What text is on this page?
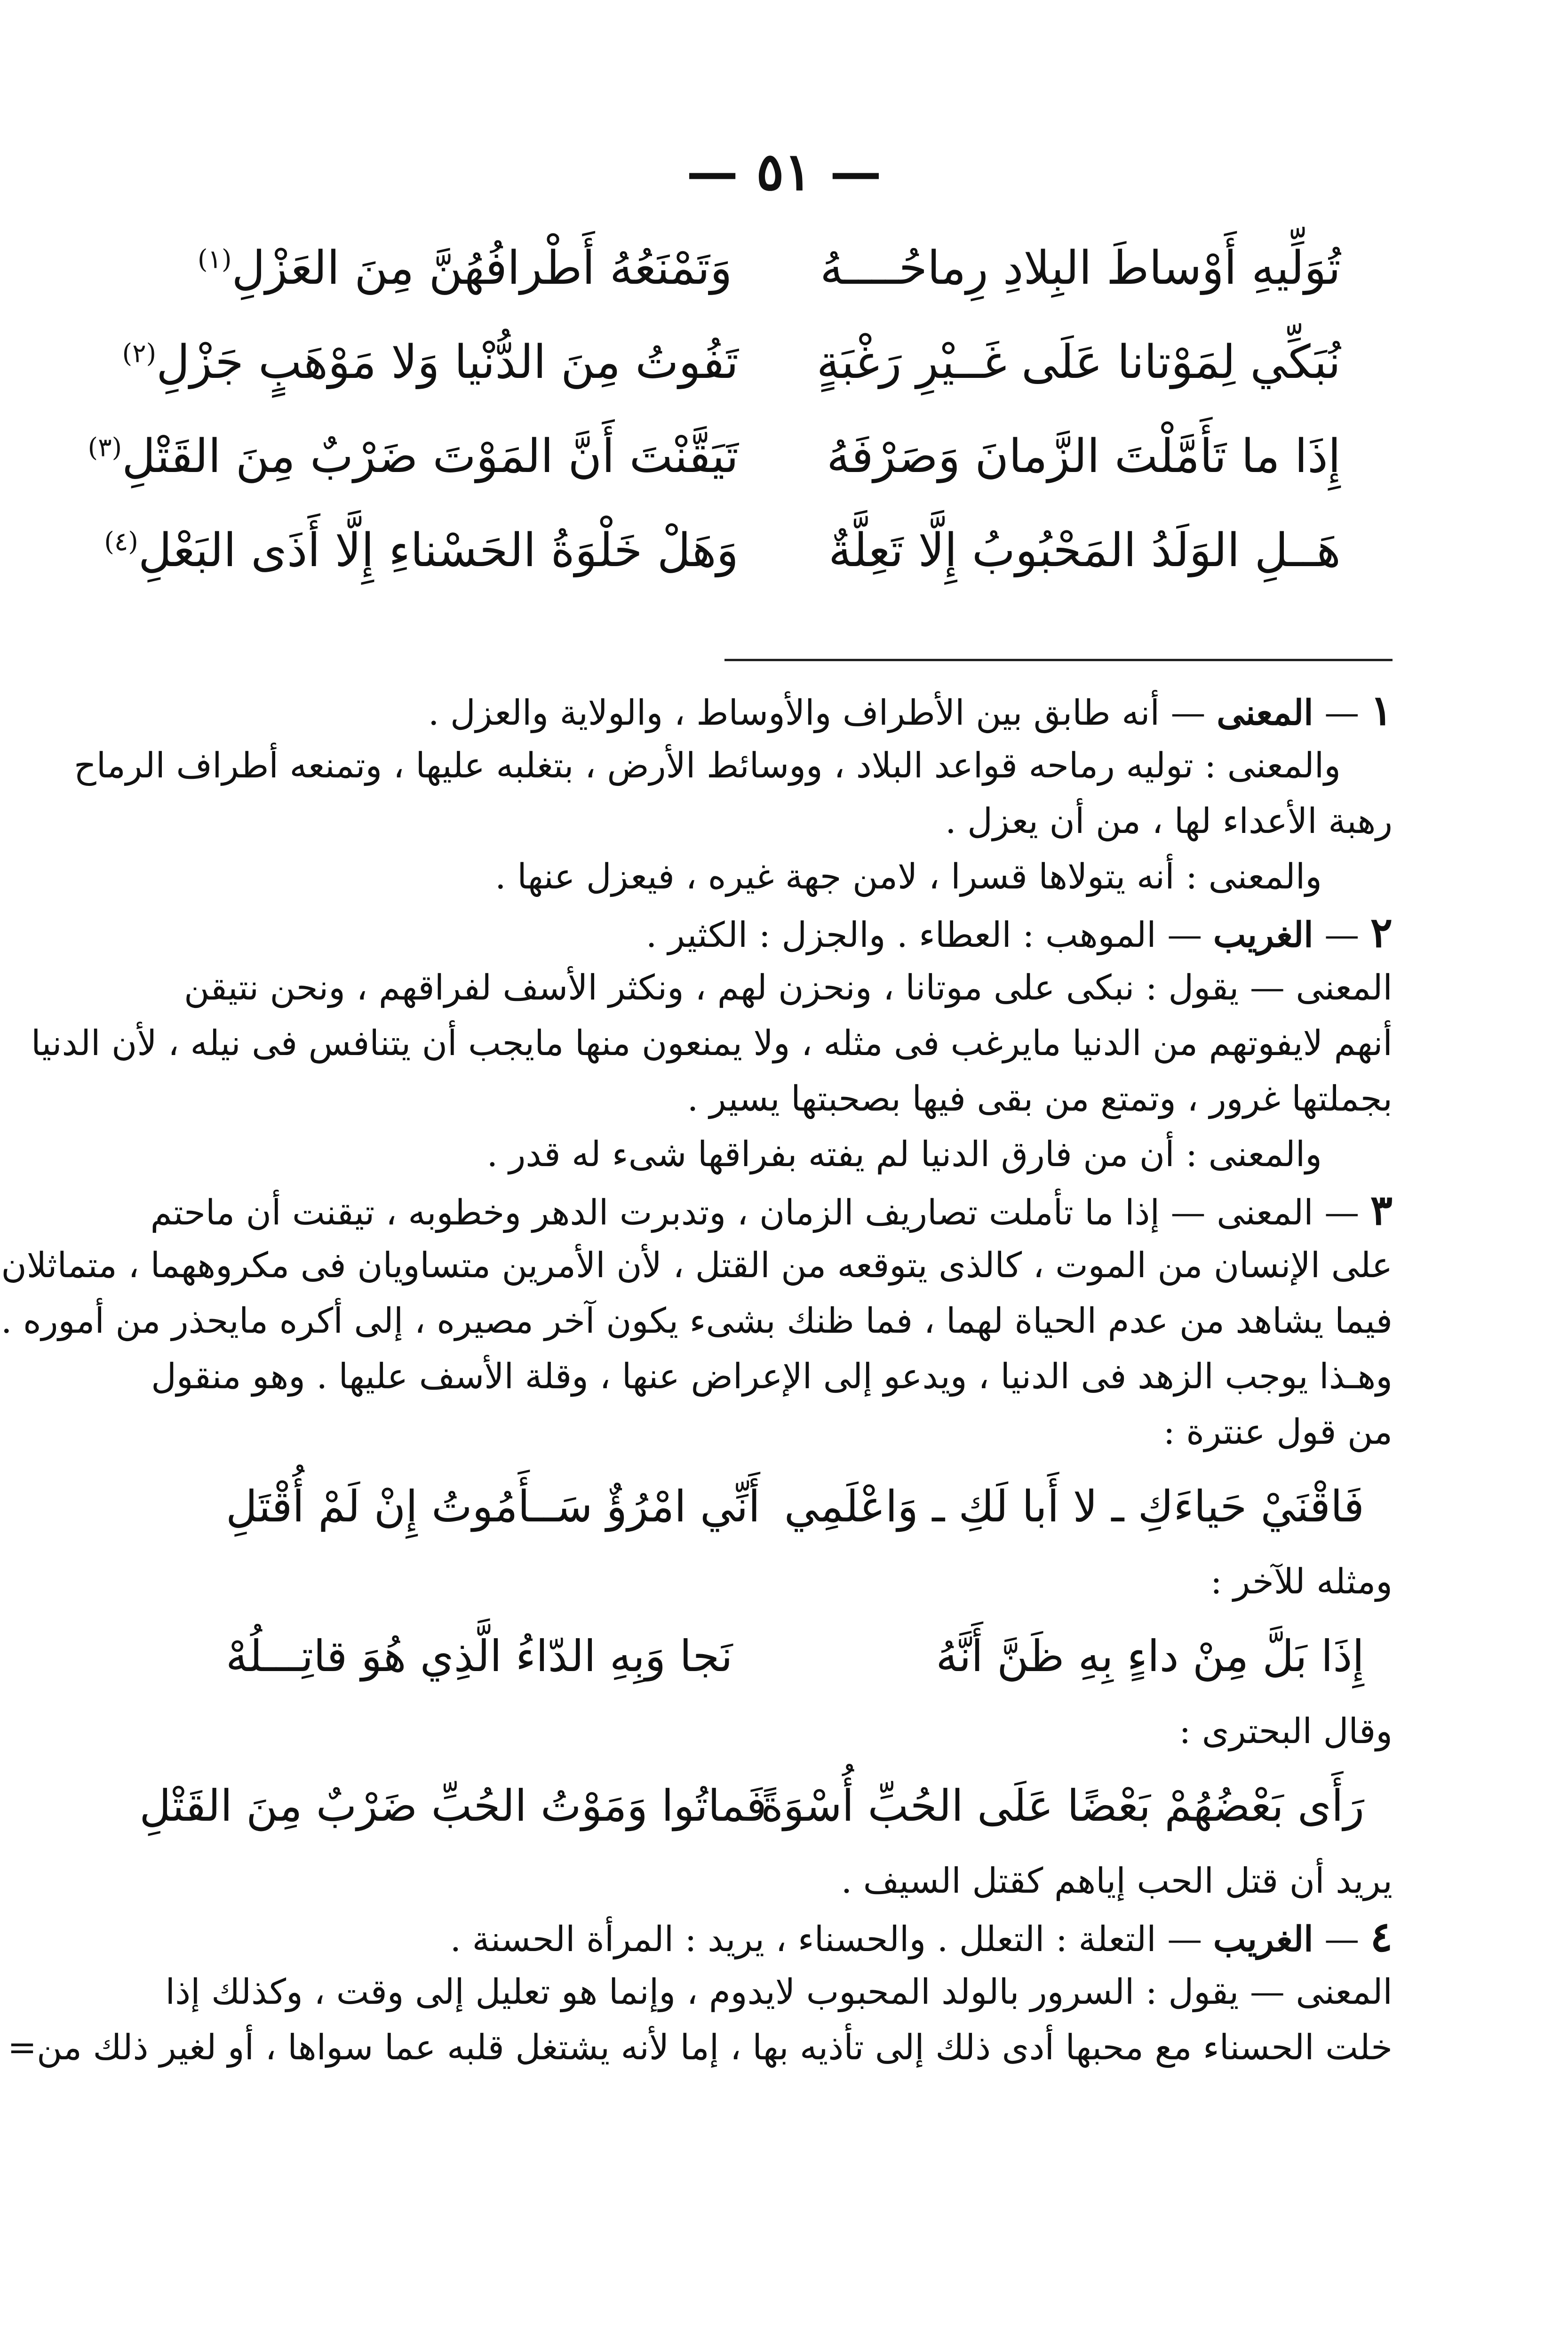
— ٥١ —
تُوَلِّيهِ أَوْساطَ البِلادِ رِماحُــــهُ
وَتَمْنَعُهُ أَطْرافُهُنَّ مِنَ العَزْلِ$^{(١)}$
نُبَكِّي لِمَوْتانا عَلَى غَــيْرِ رَغْبَةٍ
تَفُوتُ مِنَ الدُّنْيا وَلا مَوْهَبٍ جَزْلِ$^{(٢)}$
إِذَا ما تَأَمَّلْتَ الزَّمانَ وَصَرْفَهُ
تَيَقَّنْتَ أَنَّ المَوْتَ ضَرْبٌ مِنَ القَتْلِ$^{(٣)}$
هَــلِ الوَلَدُ المَحْبُوبُ إِلَّا تَعِلَّةٌ
وَهَلْ خَلْوَةُ الحَسْناءِ إِلَّا أَذَى البَعْلِ$^{(٤)}$
١ — المعنى — أنه طابق بين الأطراف والأوساط ، والولاية والعزل .
والمعنى : توليه رماحه قواعد البلاد ، ووسائط الأرض ، بتغلبه عليها ، وتمنعه أطراف الرماح
رهبة الأعداء لها ، من أن يعزل .
والمعنى : أنه يتولاها قسرا ، لامن جهة غيره ، فيعزل عنها .
٢ — الغريب — الموهب : العطاء . والجزل : الكثير .
المعنى — يقول : نبكى على موتانا ، ونحزن لهم ، ونكثر الأسف لفراقهم ، ونحن نتيقن
أنهم لايفوتهم من الدنيا مايرغب فى مثله ، ولا يمنعون منها مايجب أن يتنافس فى نيله ، لأن الدنيا
بجملتها غرور ، وتمتع من بقى فيها بصحبتها يسير .
والمعنى : أن من فارق الدنيا لم يفته بفراقها شىء له قدر .
٣ — المعنى — إذا ما تأملت تصاريف الزمان ، وتدبرت الدهر وخطوبه ، تيقنت أن ماحتم
على الإنسان من الموت ، كالذى يتوقعه من القتل ، لأن الأمرين متساويان فى مكروههما ، متماثلان
فيما يشاهد من عدم الحياة لهما ، فما ظنك بشىء يكون آخر مصيره ، إلى أكره مايحذر من أموره .
وهـذا يوجب الزهد فى الدنيا ، ويدعو إلى الإعراض عنها ، وقلة الأسف عليها . وهو منقول
من قول عنترة :
فَاقْنَيْ حَياءَكِ ـ لا أَبا لَكِ ـ وَاعْلَمِي
أَنِّي امْرُؤٌ سَــأَمُوتُ إِنْ لَمْ أُقْتَلِ
ومثله للآخر :
إِذَا بَلَّ مِنْ داءٍ بِهِ ظَنَّ أَنَّهُ
نَجا وَبِهِ الدّاءُ الَّذِي هُوَ قاتِـــلُهْ
وقال البحترى :
رَأَى بَعْضُهُمْ بَعْضًا عَلَى الحُبِّ أُسْوَةً
فَماتُوا وَمَوْتُ الحُبِّ ضَرْبٌ مِنَ القَتْلِ
يريد أن قتل الحب إياهم كقتل السيف .
٤ — الغريب — التعلة : التعلل . والحسناء ، يريد : المرأة الحسنة .
المعنى — يقول : السرور بالولد المحبوب لايدوم ، وإنما هو تعليل إلى وقت ، وكذلك إذا
خلت الحسناء مع محبها أدى ذلك إلى تأذيه بها ، إما لأنه يشتغل قلبه عما سواها ، أو لغير ذلك من=
